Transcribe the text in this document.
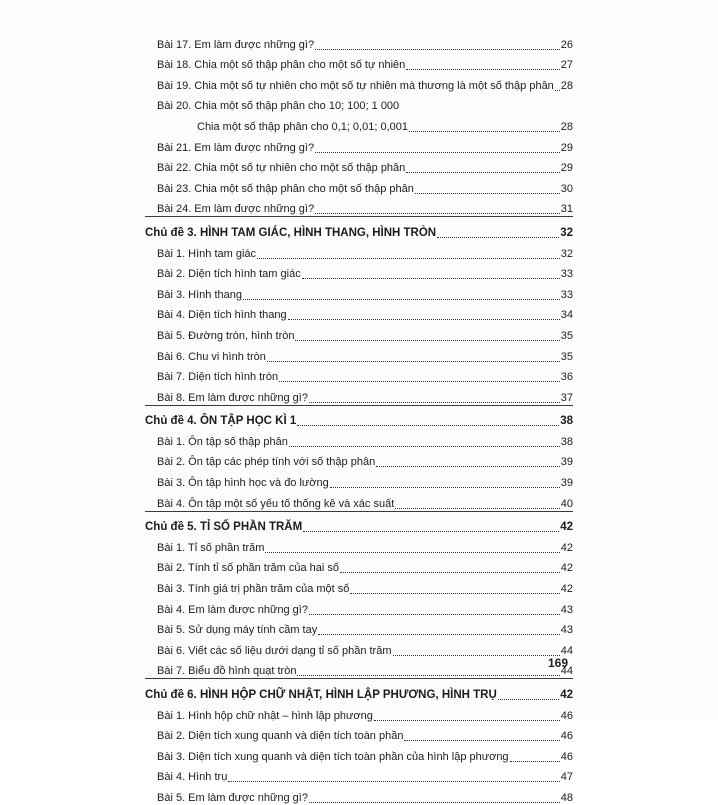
Bài 17. Em làm được những gì?	26
Bài 18. Chia một số thập phân cho một số tự nhiên	27
Bài 19. Chia một số tự nhiên cho một số tự nhiên mà thương là một số thập phân 28
Bài 20. Chia một số thập phân cho 10; 100; 1 000
Chia một số thập phân cho 0,1; 0,01; 0,001	28
Bài 21. Em làm được những gì?	29
Bài 22. Chia một số tự nhiên cho một số thập phân	29
Bài 23. Chia một số thập phân cho một số thập phân	30
Bài 24. Em làm được những gì?	31
Chủ đề 3. HÌNH TAM GIÁC, HÌNH THANG, HÌNH TRÒN	32
Bài 1. Hình tam giác	32
Bài 2. Diện tích hình tam giác	33
Bài 3. Hình thang	33
Bài 4. Diện tích hình thang	34
Bài 5. Đường tròn, hình tròn	35
Bài 6. Chu vi hình tròn	35
Bài 7. Diện tích hình tròn	36
Bài 8. Em làm được những gì?	37
Chủ đề 4. ÔN TẬP HỌC KÌ 1	38
Bài 1. Ôn tập số thập phân	38
Bài 2. Ôn tập các phép tính với số thập phân	39
Bài 3. Ôn tập hình học và đo lường	39
Bài 4. Ôn tập một số yếu tố thống kê và xác suất	40
Chủ đề 5. TỈ SỐ PHẦN TRĂM	42
Bài 1. Tỉ số phần trăm	42
Bài 2. Tính tỉ số phần trăm của hai số	42
Bài 3. Tính giá trị phần trăm của một số	42
Bài 4. Em làm được những gì?	43
Bài 5. Sử dụng máy tính cầm tay	43
Bài 6. Viết các số liệu dưới dạng tỉ số phần trăm	44
Bài 7. Biểu đồ hình quạt tròn	44
Chủ đề 6. HÌNH HỘP CHỮ NHẬT, HÌNH LẬP PHƯƠNG, HÌNH TRỤ	42
Bài 1. Hình hộp chữ nhật – hình lập phương	46
Bài 2. Diện tích xung quanh và diện tích toàn phần	46
Bài 3. Diện tích xung quanh và diện tích toàn phần của hình lập phương	46
Bài 4. Hình trụ	47
Bài 5. Em làm được những gì?	48
169
